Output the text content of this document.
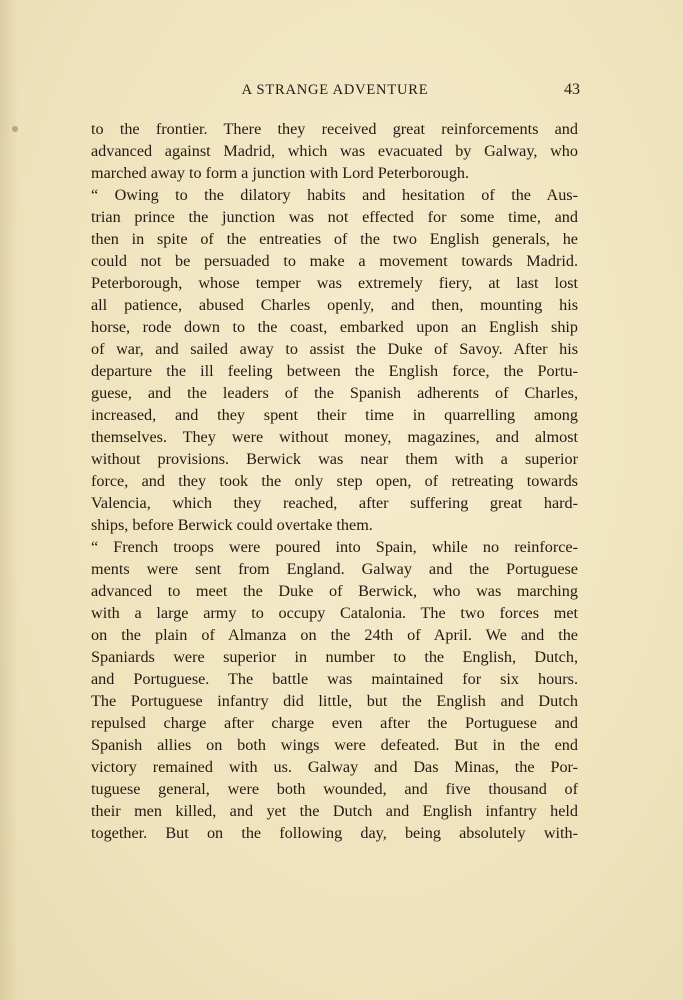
A STRANGE ADVENTURE	43
to the frontier. There they received great reinforcements and
advanced against Madrid, which was evacuated by Galway, who
marched away to form a junction with Lord Peterborough.
“ Owing to the dilatory habits and hesitation of the Aus-
trian prince the junction was not effected for some time, and
then in spite of the entreaties of the two English generals, he
could not be persuaded to make a movement towards Madrid.
Peterborough, whose temper was extremely fiery, at last lost
all patience, abused Charles openly, and then, mounting his
horse, rode down to the coast, embarked upon an English ship
of war, and sailed away to assist the Duke of Savoy. After his
departure the ill feeling between the English force, the Portu-
guese, and the leaders of the Spanish adherents of Charles,
increased, and they spent their time in quarrelling among
themselves. They were without money, magazines, and almost
without provisions. Berwick was near them with a superior
force, and they took the only step open, of retreating towards
Valencia, which they reached, after suffering great hard-
ships, before Berwick could overtake them.
“ French troops were poured into Spain, while no reinforce-
ments were sent from England. Galway and the Portuguese
advanced to meet the Duke of Berwick, who was marching
with a large army to occupy Catalonia. The two forces met
on the plain of Almanza on the 24th of April. We and the
Spaniards were superior in number to the English, Dutch,
and Portuguese. The battle was maintained for six hours.
The Portuguese infantry did little, but the English and Dutch
repulsed charge after charge even after the Portuguese and
Spanish allies on both wings were defeated. But in the end
victory remained with us. Galway and Das Minas, the Por-
tuguese general, were both wounded, and five thousand of
their men killed, and yet the Dutch and English infantry held
together. But on the following day, being absolutely with-
